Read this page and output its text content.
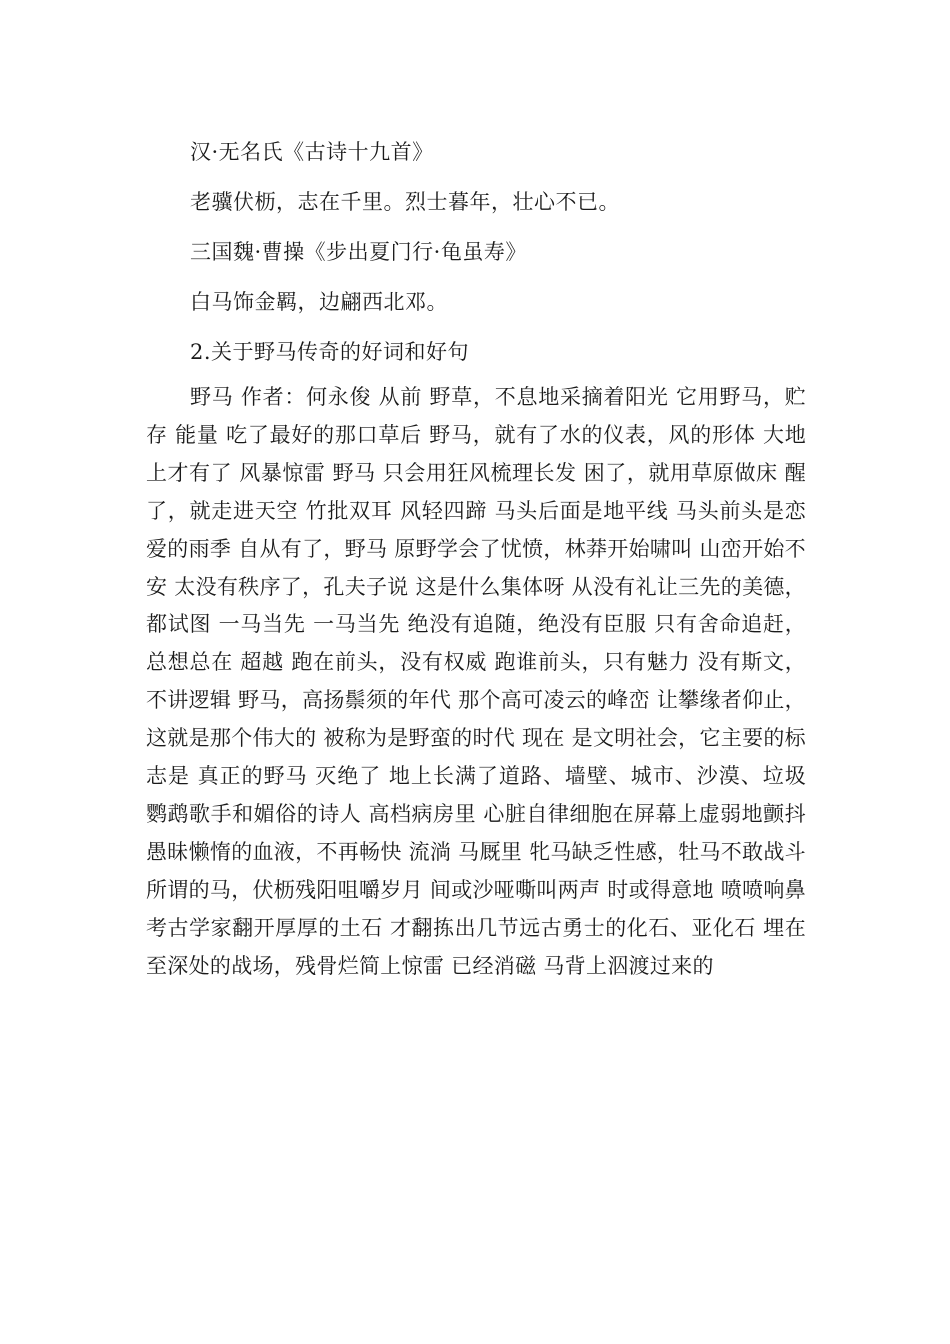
汉·无名氏《古诗十九首》
老骥伏枥，志在千里。烈士暮年，壮心不已。
三国魏·曹操《步出夏门行·龟虽寿》
白马饰金羁，边翩西北邓。
2.关于野马传奇的好词和好句

野马 作者：何永俊 从前 野草，不息地采摘着阳光 它用野马，贮存 能量 吃了最好的那口草后 野马，就有了水的仪表，风的形体 大地上才有了 风暴惊雷 野马 只会用狂风梳理长发 困了，就用草原做床 醒了，就走进天空 竹批双耳 风轻四蹄 马头后面是地平线 马头前头是恋爱的雨季 自从有了，野马 原野学会了忧愤，林莽开始啸叫 山峦开始不安 太没有秩序了，孔夫子说 这是什么集体呀 从没有礼让三先的美德，都试图 一马当先 一马当先 绝没有追随，绝没有臣服 只有舍命追赶，总想总在 超越 跑在前头，没有权威 跑谁前头，只有魅力 没有斯文，不讲逻辑 野马，高扬鬃须的年代 那个高可凌云的峰峦 让攀缘者仰止，这就是那个伟大的 被称为是野蛮的时代 现在 是文明社会，它主要的标志是 真正的野马 灭绝了 地上长满了道路、墙壁、城市、沙漠、垃圾 鹦鹉歌手和媚俗的诗人 高档病房里 心脏自律细胞在屏幕上虚弱地颤抖 愚昧懒惰的血液，不再畅快 流淌 马厩里 牝马缺乏性感，牡马不敢战斗 所谓的马，伏枥残阳咀嚼岁月 间或沙哑嘶叫两声 时或得意地 喷喷响鼻 考古学家翻开厚厚的土石 才翻拣出几节远古勇士的化石、亚化石 埋在至深处的战场，残骨烂简上惊雷 已经消磁 马背上泅渡过来的
